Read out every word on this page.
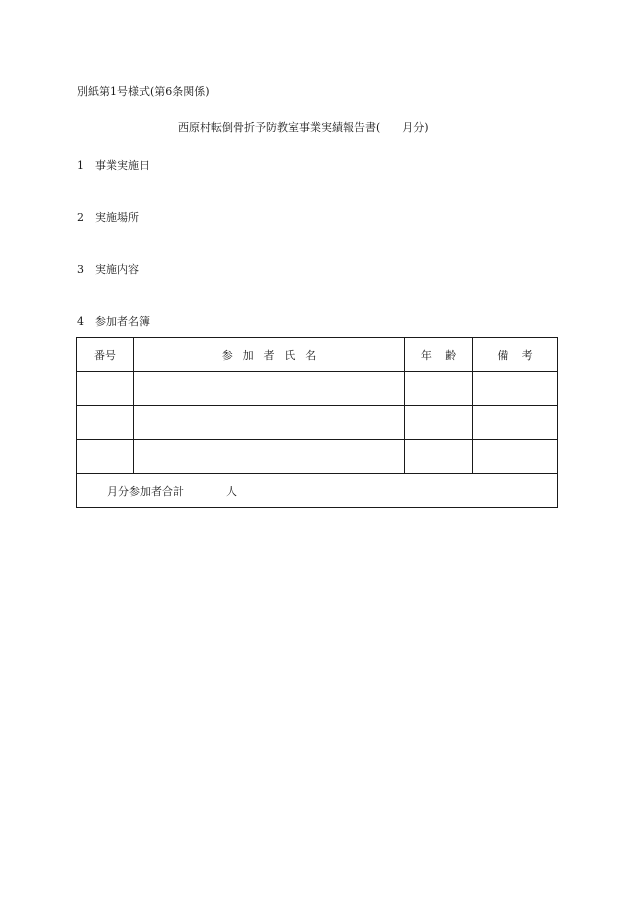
別紙第1号様式(第6条関係)
西原村転倒骨折予防教室事業実績報告書(　　月分)
1 事業実施日
2 実施場所
3 実施内容
4 参加者名簿
番号	参加者氏名	年齢	備考

月分参加者合計 人			
